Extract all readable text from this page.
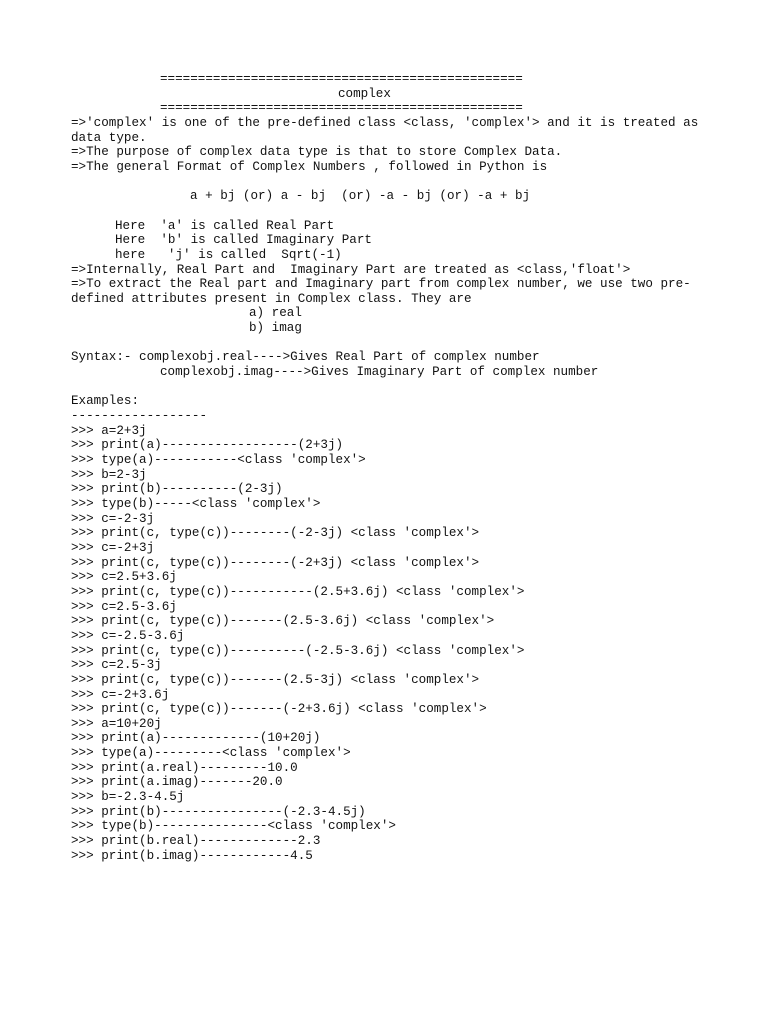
================================================
complex
================================================
=>'complex' is one of the pre-defined class <class, 'complex'> and it is treated as data type.
=>The purpose of complex data type is that to store Complex Data.
=>The general Format of Complex Numbers , followed in Python is
a + bj (or) a - bj  (or) -a - bj (or) -a + bj
Here  'a' is called Real Part
Here  'b' is called Imaginary Part
here   'j' is called  Sqrt(-1)
=>Internally, Real Part and  Imaginary Part are treated as <class,'float'>
=>To extract the Real part and Imaginary part from complex number, we use two pre-defined attributes present in Complex class. They are
a) real
b) imag
Syntax:- complexobj.real---->Gives Real Part of complex number
complexobj.imag---->Gives Imaginary Part of complex number
Examples:
------------------
>>> a=2+3j
>>> print(a)------------------(2+3j)
>>> type(a)-----------<class 'complex'>
>>> b=2-3j
>>> print(b)----------(2-3j)
>>> type(b)-----<class 'complex'>
>>> c=-2-3j
>>> print(c, type(c))--------(-2-3j) <class 'complex'>
>>> c=-2+3j
>>> print(c, type(c))--------(-2+3j) <class 'complex'>
>>> c=2.5+3.6j
>>> print(c, type(c))-----------(2.5+3.6j) <class 'complex'>
>>> c=2.5-3.6j
>>> print(c, type(c))-------(2.5-3.6j) <class 'complex'>
>>> c=-2.5-3.6j
>>> print(c, type(c))----------(-2.5-3.6j) <class 'complex'>
>>> c=2.5-3j
>>> print(c, type(c))-------(2.5-3j) <class 'complex'>
>>> c=-2+3.6j
>>> print(c, type(c))-------(-2+3.6j) <class 'complex'>
>>> a=10+20j
>>> print(a)-------------(10+20j)
>>> type(a)---------<class 'complex'>
>>> print(a.real)---------10.0
>>> print(a.imag)-------20.0
>>> b=-2.3-4.5j
>>> print(b)----------------(-2.3-4.5j)
>>> type(b)---------------<class 'complex'>
>>> print(b.real)-------------2.3
>>> print(b.imag)------------4.5
